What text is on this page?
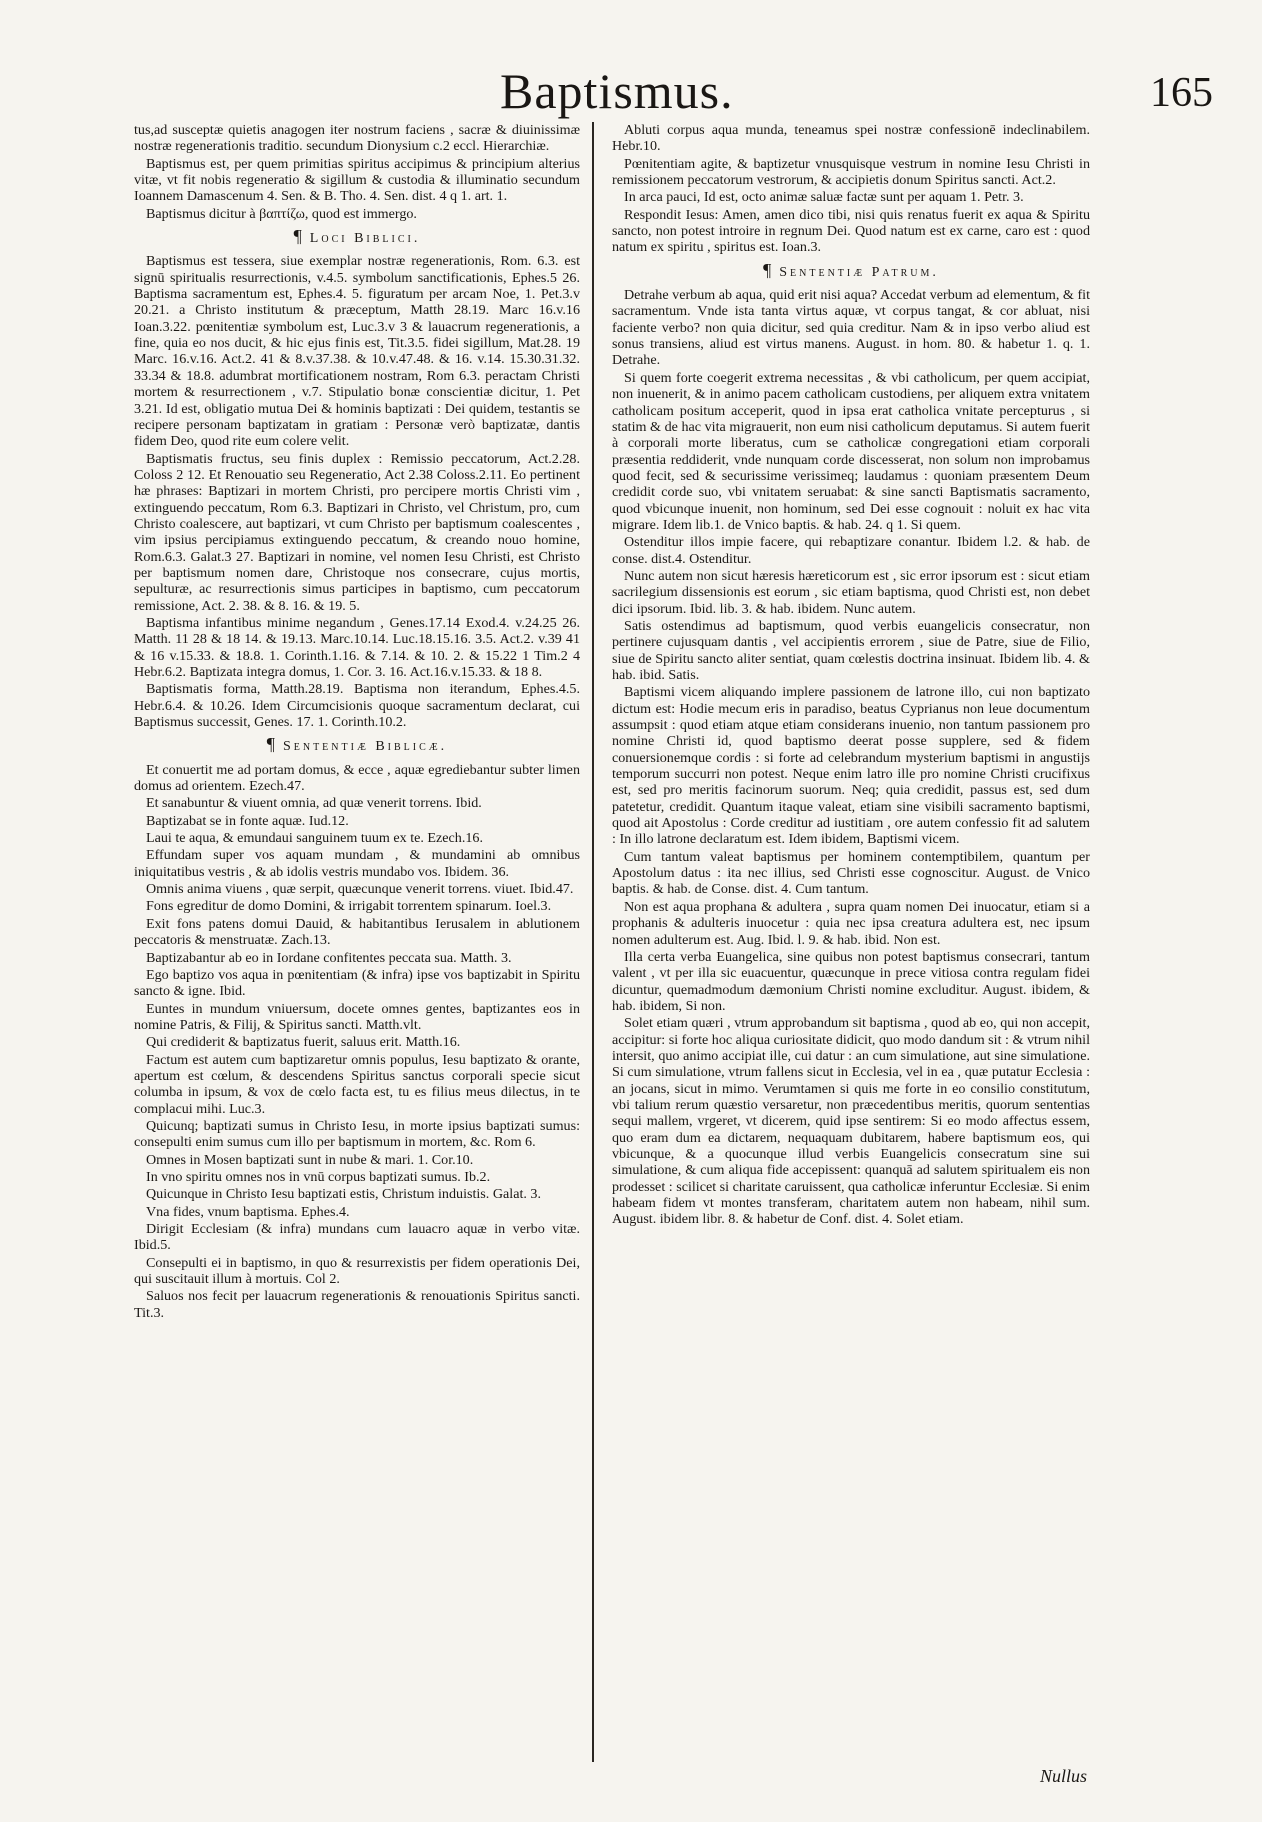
Baptismus.	165

tus,ad susceptæ quietis anagogen iter nostrum faciens , sacræ & diuinissimæ nostræ regenerationis traditio. secundum Dionysium c.2 eccl. Hierarchiæ.

Baptismus est, per quem primitias spiritus accipimus & principium alterius vitæ, vt fit nobis regeneratio & sigillum & custodia & illuminatio secundum Ioannem Damascenum 4. Sen. & B. Tho. 4. Sen. dist. 4 q 1. art. 1.

Baptismus dicitur à βαπτίζω, quod est immergo.

¶ Loci Biblici.

Baptismus est tessera, siue exemplar nostræ regenerationis, Rom. 6.3. est signū spiritualis resurrectionis, v.4.5. symbolum sanctificationis, Ephes.5 26. Baptisma sacramentum est, Ephes.4. 5. figuratum per arcam Noe, 1. Pet.3.v 20.21. a Christo institutum & præceptum, Matth 28.19. Marc 16.v.16 Ioan.3.22. pœnitentiæ symbolum est, Luc.3.v 3 & lauacrum regenerationis, a fine, quia eo nos ducit, & hic ejus finis est, Tit.3.5. fidei sigillum, Mat.28. 19 Marc. 16.v.16. Act.2. 41 & 8.v.37.38. & 10.v.47.48. & 16. v.14. 15.30.31.32. 33.34 & 18.8. adumbrat mortificationem nostram, Rom 6.3. peractam Christi mortem & resurrectionem , v.7. Stipulatio bonæ conscientiæ dicitur, 1. Pet 3.21. Id est, obligatio mutua Dei & hominis baptizati : Dei quidem, testantis se recipere personam baptizatam in gratiam : Personæ verò baptizatæ, dantis fidem Deo, quod rite eum colere velit.

Baptismatis fructus, seu finis duplex : Remissio peccatorum, Act.2.28. Coloss 2 12. Et Renouatio seu Regeneratio, Act 2.38 Coloss.2.11. Eo pertinent hæ phrases: Baptizari in mortem Christi, pro percipere mortis Christi vim , extinguendo peccatum, Rom 6.3. Baptizari in Christo, vel Christum, pro, cum Christo coalescere, aut baptizari, vt cum Christo per baptismum coalescentes , vim ipsius percipiamus extinguendo peccatum, & creando nouo homine, Rom.6.3. Galat.3 27. Baptizari in nomine, vel nomen Iesu Christi, est Christo per baptismum nomen dare, Christoque nos consecrare, cujus mortis, sepulturæ, ac resurrectionis simus participes in baptismo, cum peccatorum remissione, Act. 2. 38. & 8. 16. & 19. 5.

Baptisma infantibus minime negandum , Genes.17.14 Exod.4. v.24.25 26. Matth. 11 28 & 18 14. & 19.13. Marc.10.14. Luc.18.15.16. 3.5. Act.2. v.39 41 & 16 v.15.33. & 18.8. 1. Corinth.1.16. & 7.14. & 10. 2. & 15.22 1 Tim.2 4 Hebr.6.2. Baptizata integra domus, 1. Cor. 3. 16. Act.16.v.15.33. & 18 8.

Baptismatis forma, Matth.28.19. Baptisma non iterandum, Ephes.4.5. Hebr.6.4. & 10.26. Idem Circumcisionis quoque sacramentum declarat, cui Baptismus successit, Genes. 17. 1. Corinth.10.2.

¶ Sententiæ Biblicæ.

Et conuertit me ad portam domus, & ecce , aquæ egrediebantur subter limen domus ad orientem. Ezech.47.

Et sanabuntur & viuent omnia, ad quæ venerit torrens. Ibid.

Baptizabat se in fonte aquæ. Iud.12.

Laui te aqua, & emundaui sanguinem tuum ex te. Ezech.16.

Effundam super vos aquam mundam , & mundamini ab omnibus iniquitatibus vestris , & ab idolis vestris mundabo vos. Ibidem. 36.

Omnis anima viuens , quæ serpit, quæcunque venerit torrens. viuet. Ibid.47.

Fons egreditur de domo Domini, & irrigabit torrentem spinarum. Ioel.3.

Exit fons patens domui Dauid, & habitantibus Ierusalem in ablutionem peccatoris & menstruatæ. Zach.13.

Baptizabantur ab eo in Iordane confitentes peccata sua. Matth. 3.

Ego baptizo vos aqua in pœnitentiam (& infra) ipse vos baptizabit in Spiritu sancto & igne. Ibid.

Euntes in mundum vniuersum, docete omnes gentes, baptizantes eos in nomine Patris, & Filij, & Spiritus sancti. Matth.vlt.

Qui crediderit & baptizatus fuerit, saluus erit. Matth.16.

Factum est autem cum baptizaretur omnis populus, Iesu baptizato & orante, apertum est cœlum, & descendens Spiritus sanctus corporali specie sicut columba in ipsum, & vox de cœlo facta est, tu es filius meus dilectus, in te complacui mihi. Luc.3.

Quicunq; baptizati sumus in Christo Iesu, in morte ipsius baptizati sumus: consepulti enim sumus cum illo per baptismum in mortem, &c. Rom 6.

Omnes in Mosen baptizati sunt in nube & mari. 1. Cor.10.

In vno spiritu omnes nos in vnū corpus baptizati sumus. Ib.2.

Quicunque in Christo Iesu baptizati estis, Christum induistis. Galat. 3.

Vna fides, vnum baptisma. Ephes.4.

Dirigit Ecclesiam (& infra) mundans cum lauacro aquæ in verbo vitæ. Ibid.5.

Consepulti ei in baptismo, in quo & resurrexistis per fidem operationis Dei, qui suscitauit illum à mortuis. Col 2.

Saluos nos fecit per lauacrum regenerationis & renouationis Spiritus sancti. Tit.3.

Abluti corpus aqua munda, teneamus spei nostræ confessionē indeclinabilem. Hebr.10.

Pœnitentiam agite, & baptizetur vnusquisque vestrum in nomine Iesu Christi in remissionem peccatorum vestrorum, & accipietis donum Spiritus sancti. Act.2.

In arca pauci, Id est, octo animæ saluæ factæ sunt per aquam 1. Petr. 3.

Respondit Iesus: Amen, amen dico tibi, nisi quis renatus fuerit ex aqua & Spiritu sancto, non potest introire in regnum Dei. Quod natum est ex carne, caro est : quod natum ex spiritu , spiritus est. Ioan.3.

¶ Sententiæ Patrum.

Detrahe verbum ab aqua, quid erit nisi aqua? Accedat verbum ad elementum, & fit sacramentum. Vnde ista tanta virtus aquæ, vt corpus tangat, & cor abluat, nisi faciente verbo? non quia dicitur, sed quia creditur. Nam & in ipso verbo aliud est sonus transiens, aliud est virtus manens. August. in hom. 80. & habetur 1. q. 1. Detrahe.

Si quem forte coegerit extrema necessitas , & vbi catholicum, per quem accipiat, non inuenerit, & in animo pacem catholicam custodiens, per aliquem extra vnitatem catholicam positum acceperit, quod in ipsa erat catholica vnitate percepturus , si statim & de hac vita migrauerit, non eum nisi catholicum deputamus. Si autem fuerit à corporali morte liberatus, cum se catholicæ congregationi etiam corporali præsentia reddiderit, vnde nunquam corde discesserat, non solum non improbamus quod fecit, sed & securissime verissimeq; laudamus : quoniam præsentem Deum credidit corde suo, vbi vnitatem seruabat: & sine sancti Baptismatis sacramento, quod vbicunque inuenit, non hominum, sed Dei esse cognouit : noluit ex hac vita migrare. Idem lib.1. de Vnico baptis. & hab. 24. q 1. Si quem.

Ostenditur illos impie facere, qui rebaptizare conantur. Ibidem l.2. & hab. de conse. dist.4. Ostenditur.

Nunc autem non sicut hæresis hæreticorum est , sic error ipsorum est : sicut etiam sacrilegium dissensionis est eorum , sic etiam baptisma, quod Christi est, non debet dici ipsorum. Ibid. lib. 3. & hab. ibidem. Nunc autem.

Satis ostendimus ad baptismum, quod verbis euangelicis consecratur, non pertinere cujusquam dantis , vel accipientis errorem , siue de Patre, siue de Filio, siue de Spiritu sancto aliter sentiat, quam cœlestis doctrina insinuat. Ibidem lib. 4. & hab. ibid. Satis.

Baptismi vicem aliquando implere passionem de latrone illo, cui non baptizato dictum est: Hodie mecum eris in paradiso, beatus Cyprianus non leue documentum assumpsit : quod etiam atque etiam considerans inuenio, non tantum passionem pro nomine Christi id, quod baptismo deerat posse supplere, sed & fidem conuersionemque cordis : si forte ad celebrandum mysterium baptismi in angustijs temporum succurri non potest. Neque enim latro ille pro nomine Christi crucifixus est, sed pro meritis facinorum suorum. Neq; quia credidit, passus est, sed dum patetetur, credidit. Quantum itaque valeat, etiam sine visibili sacramento baptismi, quod ait Apostolus : Corde creditur ad iustitiam , ore autem confessio fit ad salutem : In illo latrone declaratum est. Idem ibidem, Baptismi vicem.

Cum tantum valeat baptismus per hominem contemptibilem, quantum per Apostolum datus : ita nec illius, sed Christi esse cognoscitur. August. de Vnico baptis. & hab. de Conse. dist. 4. Cum tantum.

Non est aqua prophana & adultera , supra quam nomen Dei inuocatur, etiam si a prophanis & adulteris inuocetur : quia nec ipsa creatura adultera est, nec ipsum nomen adulterum est. Aug. Ibid. l. 9. & hab. ibid. Non est.

Illa certa verba Euangelica, sine quibus non potest baptismus consecrari, tantum valent , vt per illa sic euacuentur, quæcunque in prece vitiosa contra regulam fidei dicuntur, quemadmodum dæmonium Christi nomine excluditur. August. ibidem, & hab. ibidem, Si non.

Solet etiam quæri , vtrum approbandum sit baptisma , quod ab eo, qui non accepit, accipitur: si forte hoc aliqua curiositate didicit, quo modo dandum sit : & vtrum nihil intersit, quo animo accipiat ille, cui datur : an cum simulatione, aut sine simulatione. Si cum simulatione, vtrum fallens sicut in Ecclesia, vel in ea , quæ putatur Ecclesia : an jocans, sicut in mimo. Verumtamen si quis me forte in eo consilio constitutum, vbi talium rerum quæstio versaretur, non præcedentibus meritis, quorum sententias sequi mallem, vrgeret, vt dicerem, quid ipse sentirem: Si eo modo affectus essem, quo eram dum ea dictarem, nequaquam dubitarem, habere baptismum eos, qui vbicunque, & a quocunque illud verbis Euangelicis consecratum sine sui simulatione, & cum aliqua fide accepissent: quanquā ad salutem spiritualem eis non prodesset : scilicet si charitate caruissent, qua catholicæ inferuntur Ecclesiæ. Si enim habeam fidem vt montes transferam, charitatem autem non habeam, nihil sum. August. ibidem libr. 8. & habetur de Conf. dist. 4. Solet etiam.

Nullus
